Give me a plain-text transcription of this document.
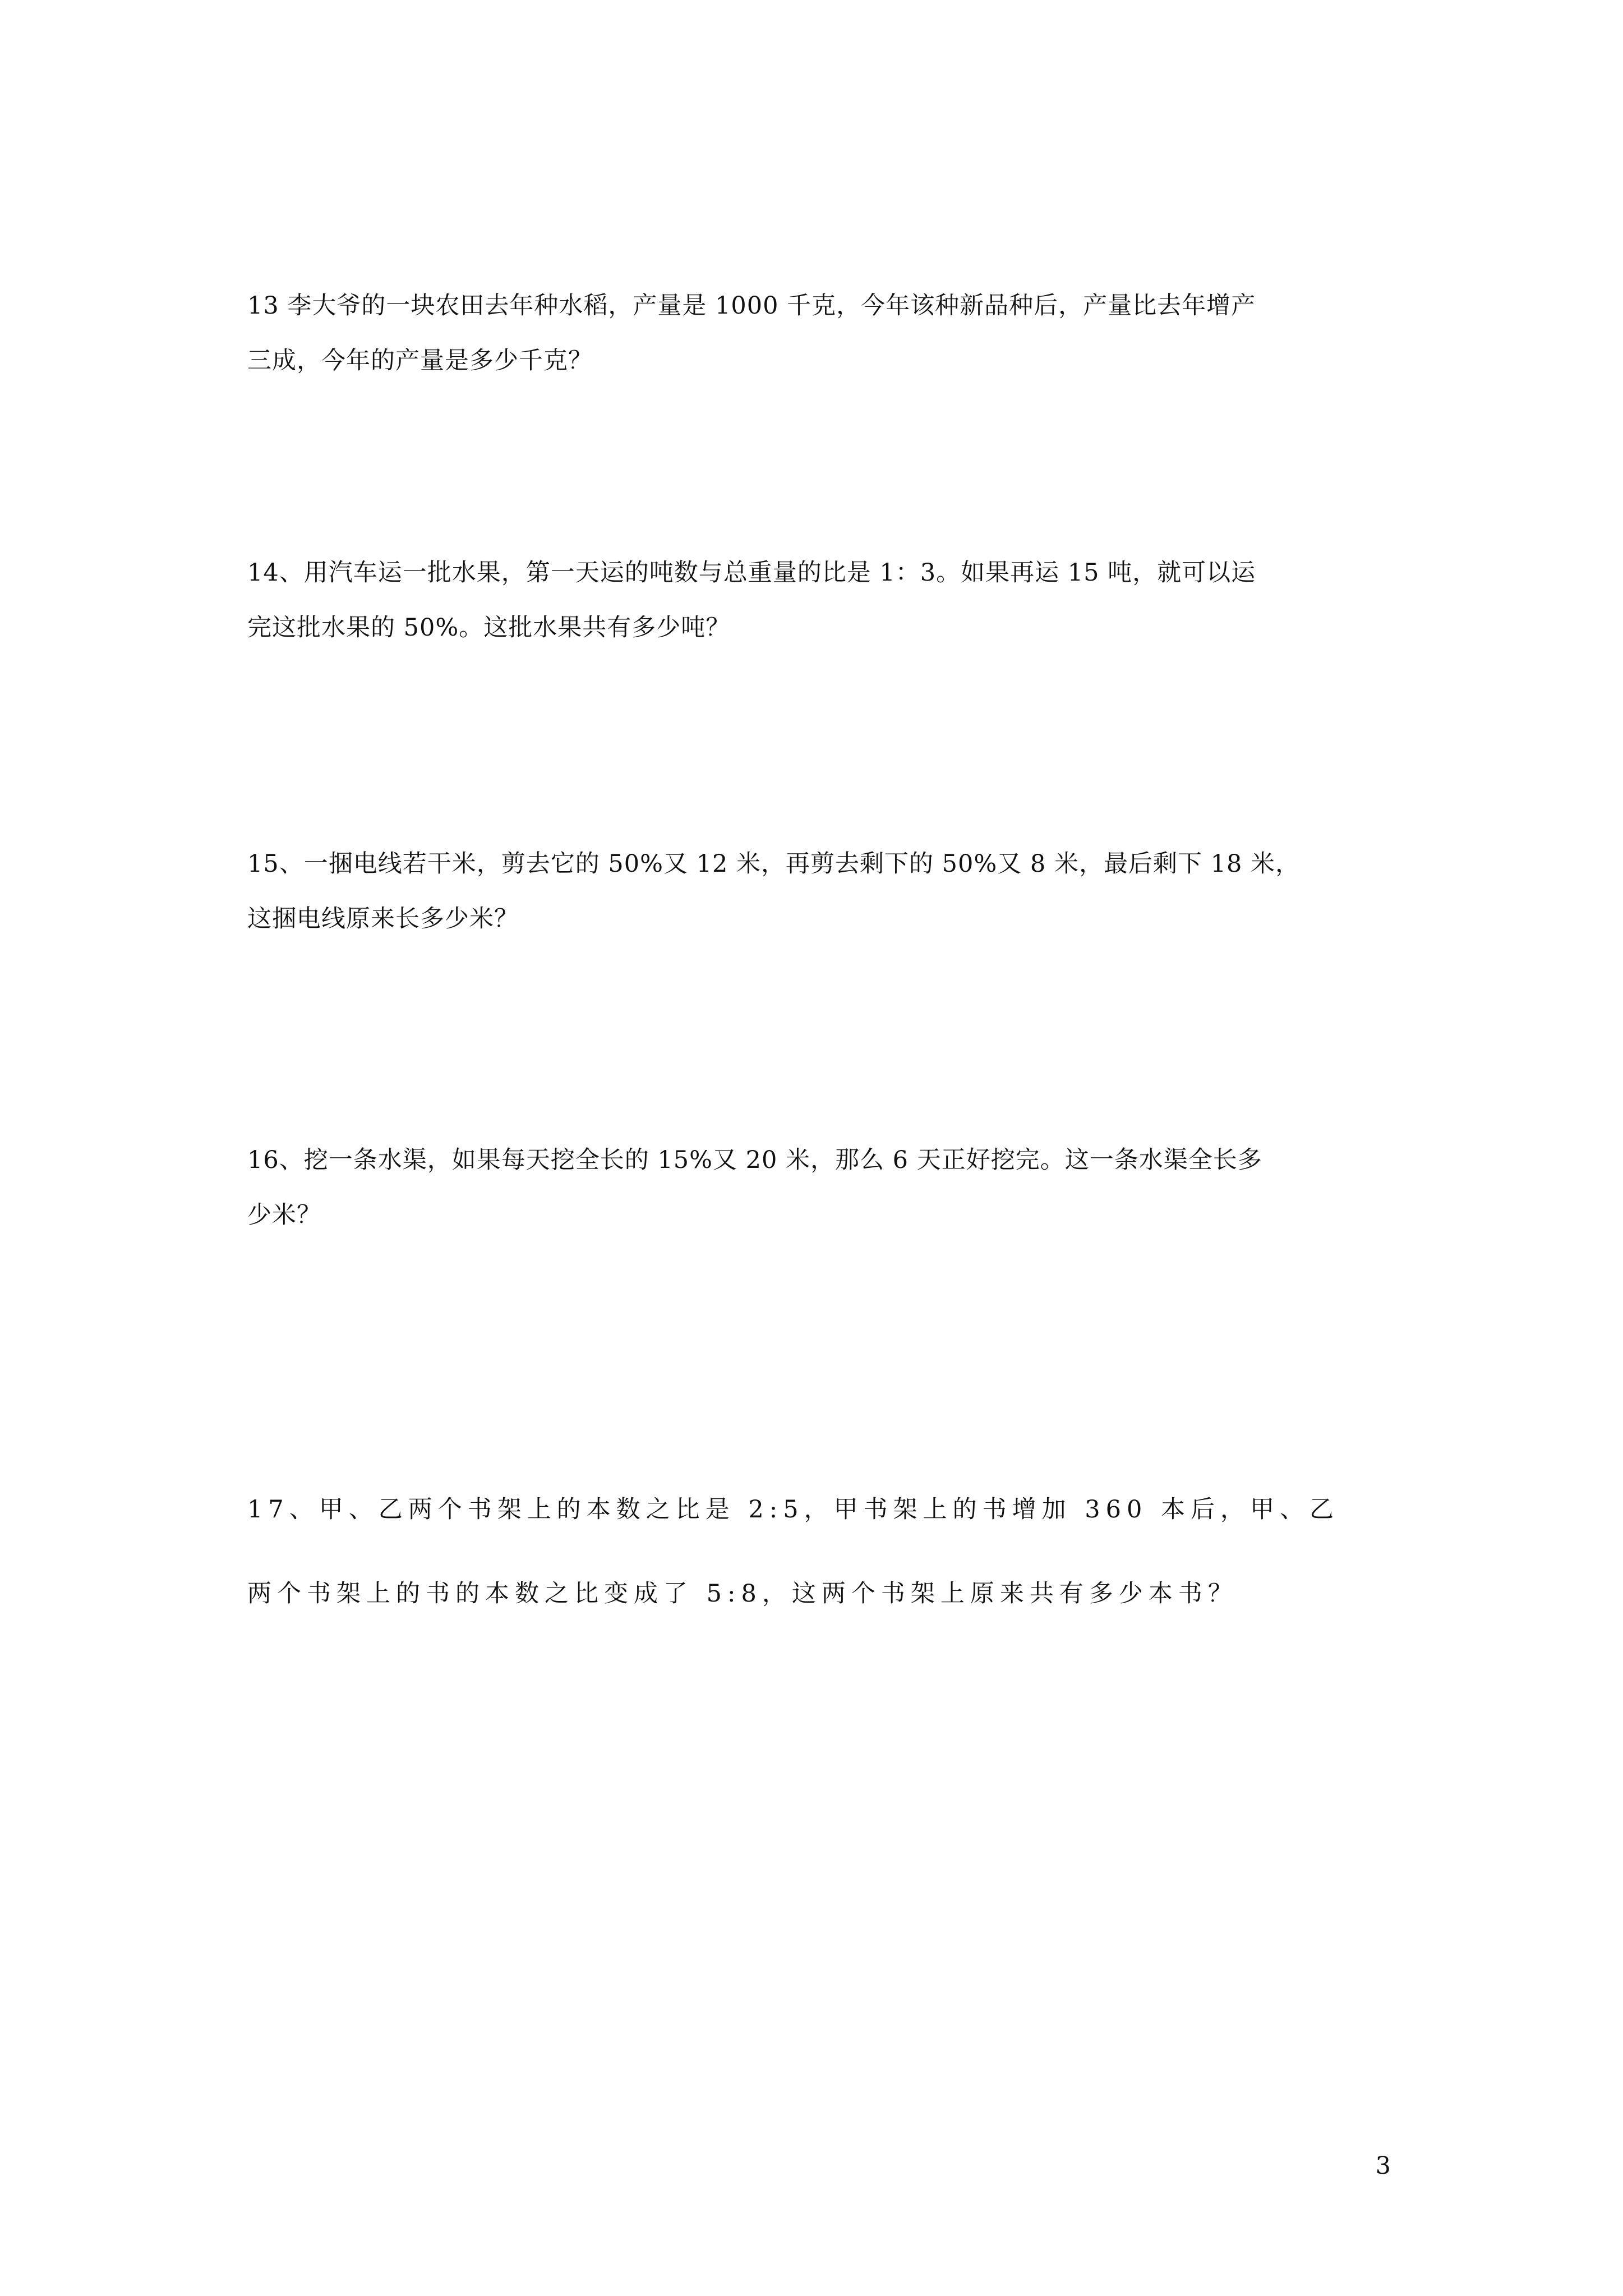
13 李大爷的一块农田去年种水稻，产量是 1000 千克，今年该种新品种后，产量比去年增产
三成，今年的产量是多少千克？
14、用汽车运一批水果，第一天运的吨数与总重量的比是 1：3。如果再运 15 吨，就可以运
完这批水果的 50%。这批水果共有多少吨？
15、一捆电线若干米，剪去它的 50%又 12 米，再剪去剩下的 50%又 8 米，最后剩下 18 米，
这捆电线原来长多少米？
16、挖一条水渠，如果每天挖全长的 15%又 20 米，那么 6 天正好挖完。这一条水渠全长多
少米？
17、甲、乙两个书架上的本数之比是 2:5，甲书架上的书增加 360 本后，甲、乙
两个书架上的书的本数之比变成了 5:8，这两个书架上原来共有多少本书？
3
